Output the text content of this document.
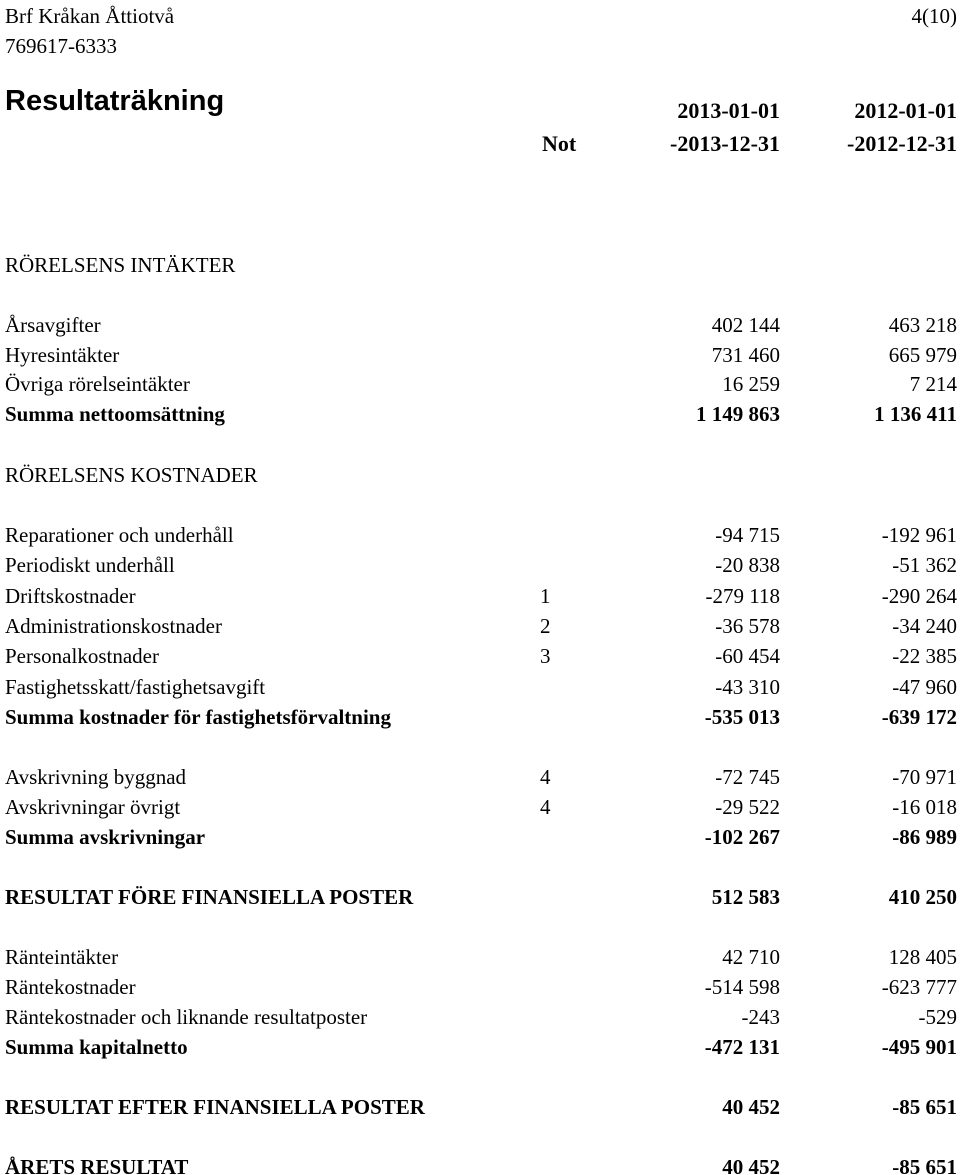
Brf Kråkan Åttiotvå
769617-6333
4(10)
Resultaträkning	2013-01-01	2012-01-01
Not	-2013-12-31	-2012-12-31
RÖRELSENS INTÄKTER
Årsavgifter	402 144	463 218
Hyresintäkter	731 460	665 979
Övriga rörelseintäkter	16 259	7 214
Summa nettoomsättning	1 149 863	1 136 411
RÖRELSENS KOSTNADER
Reparationer och underhåll	-94 715	-192 961
Periodiskt underhåll	-20 838	-51 362
Driftskostnader	1	-279 118	-290 264
Administrationskostnader	2	-36 578	-34 240
Personalkostnader	3	-60 454	-22 385
Fastighetsskatt/fastighetsavgift	-43 310	-47 960
Summa kostnader för fastighetsförvaltning	-535 013	-639 172
Avskrivning byggnad	4	-72 745	-70 971
Avskrivningar övrigt	4	-29 522	-16 018
Summa avskrivningar	-102 267	-86 989
RESULTAT FÖRE FINANSIELLA POSTER	512 583	410 250
Ränteintäkter	42 710	128 405
Räntekostnader	-514 598	-623 777
Räntekostnader och liknande resultatposter	-243	-529
Summa kapitalnetto	-472 131	-495 901
RESULTAT EFTER FINANSIELLA POSTER	40 452	-85 651
ÅRETS RESULTAT	40 452	-85 651
